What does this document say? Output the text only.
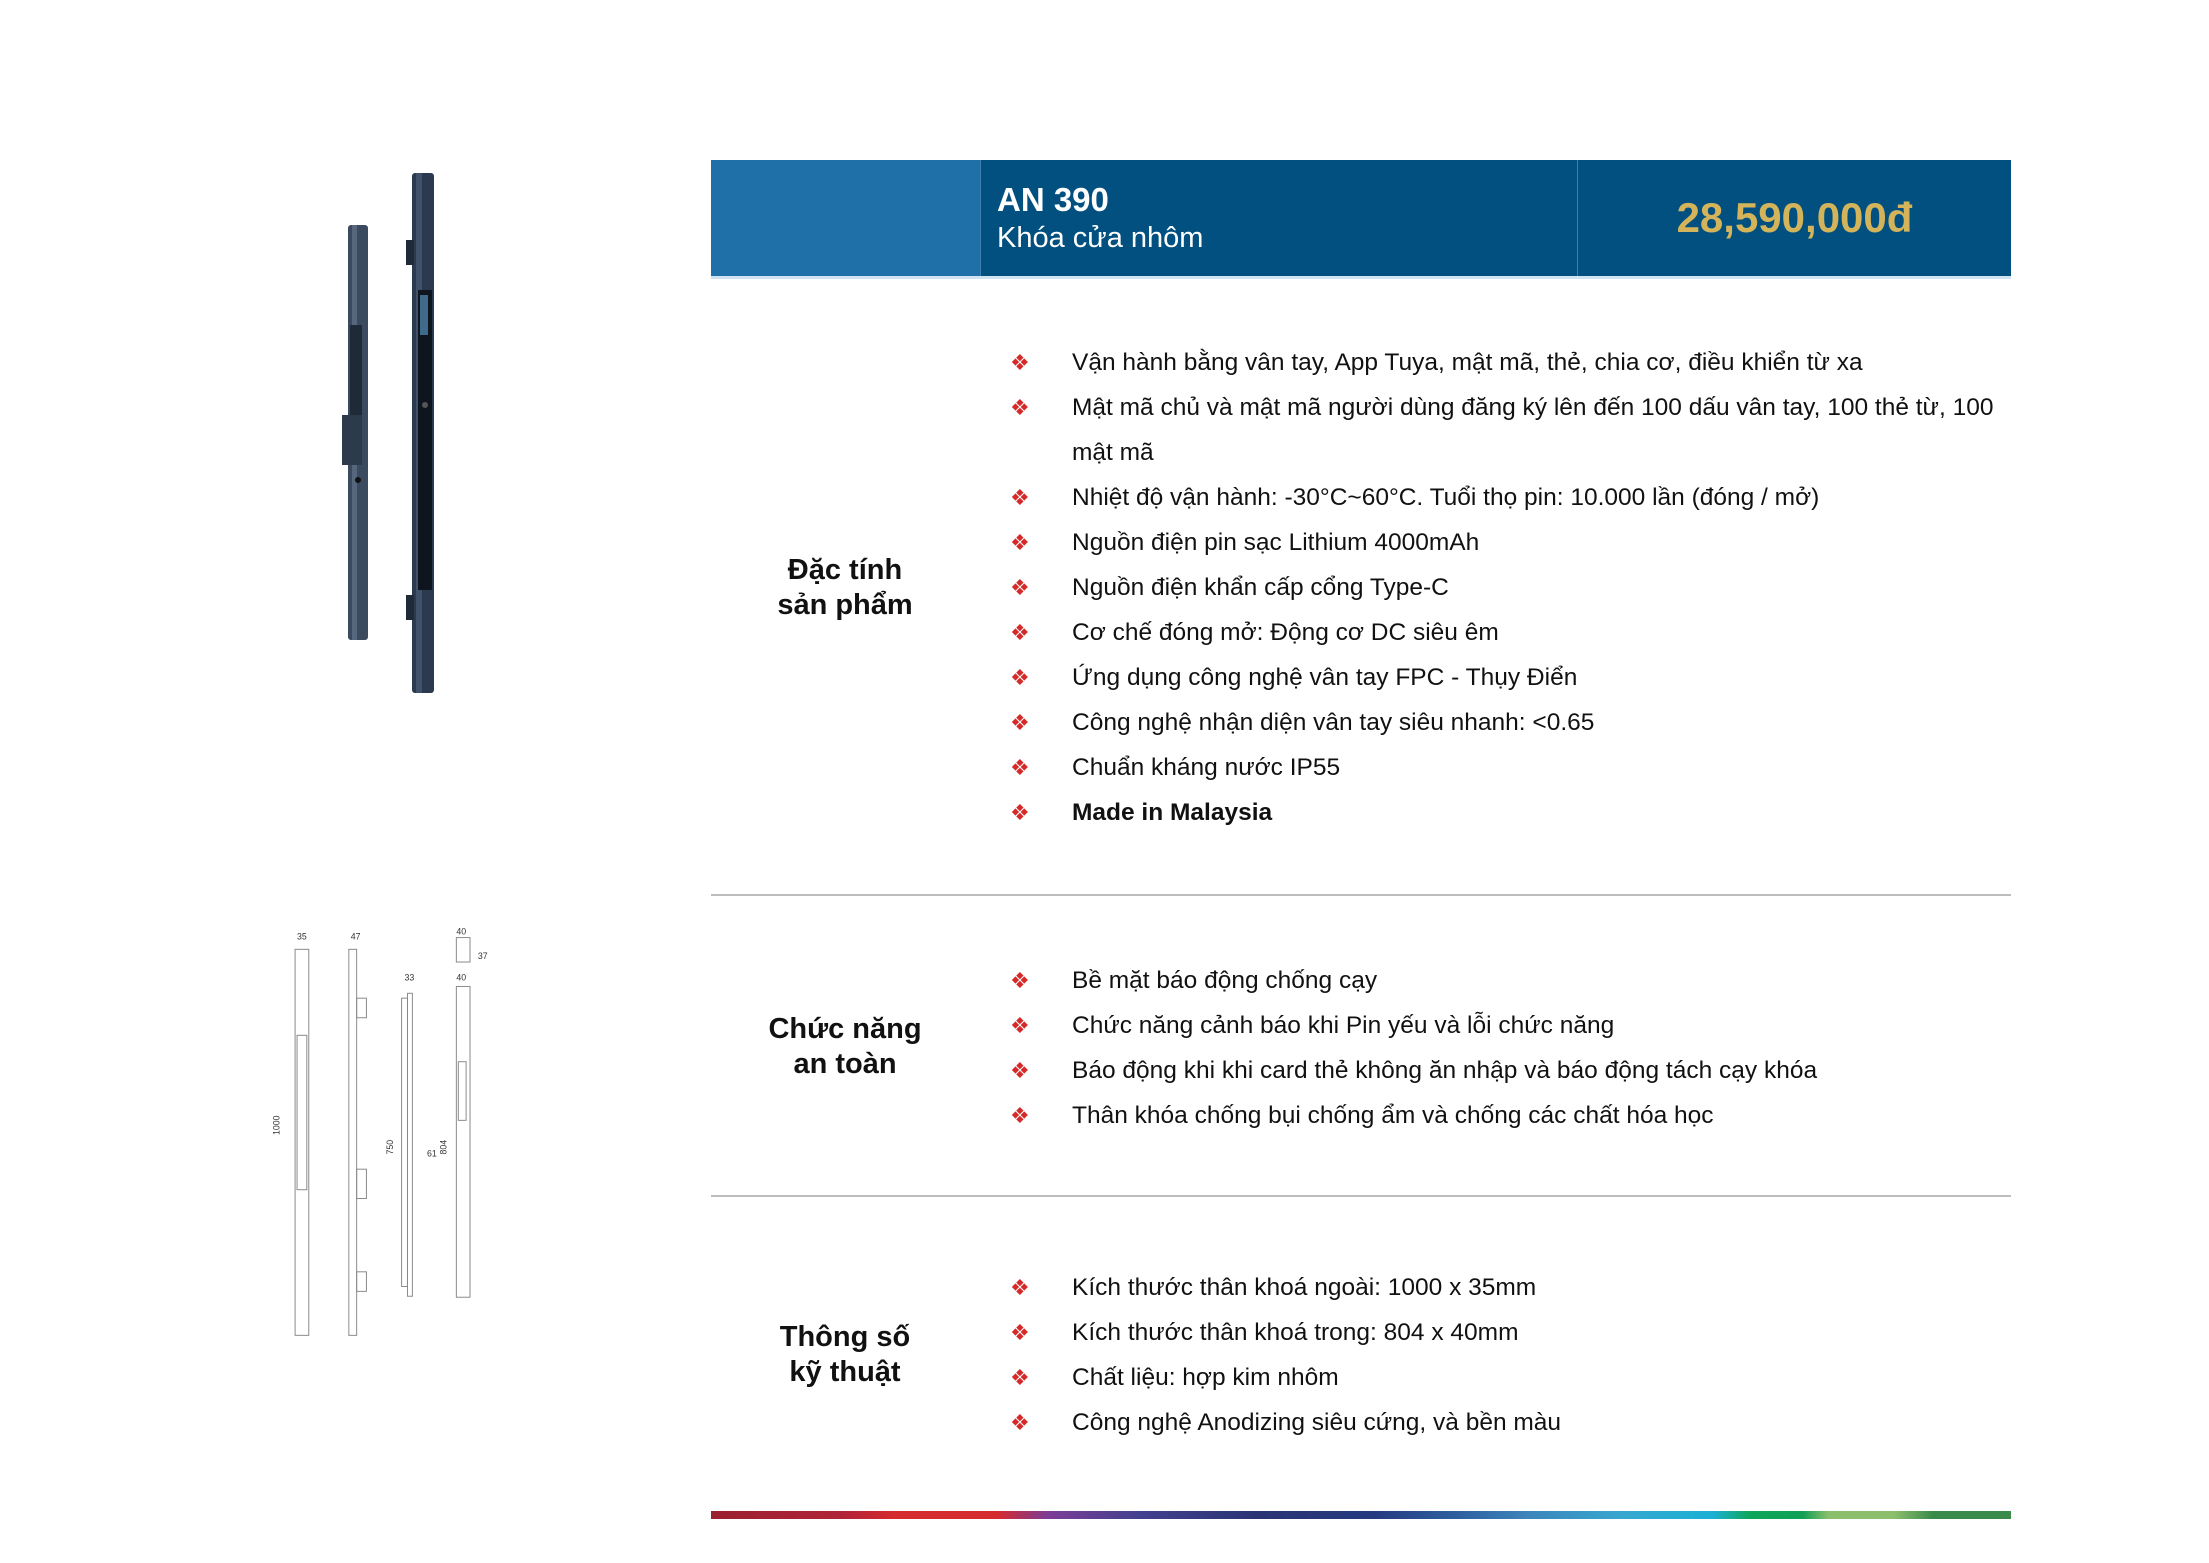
35	47
33
40
37
40
1000
750	61 804
AN 390
Khóa cửa nhôm	28,590,000đ
Đặc tính
sản phẩm
❖ Vận hành bằng vân tay, App Tuya, mật mã, thẻ, chia cơ, điều khiển từ xa
❖ Mật mã chủ và mật mã người dùng đăng ký lên đến 100 dấu vân tay, 100 thẻ từ, 100 mật mã
❖ Nhiệt độ vận hành: -30°C~60°C. Tuổi thọ pin: 10.000 lần (đóng / mở)
❖ Nguồn điện pin sạc Lithium 4000mAh
❖ Nguồn điện khẩn cấp cổng Type-C
❖ Cơ chế đóng mở: Động cơ DC siêu êm
❖ Ứng dụng công nghệ vân tay FPC - Thụy Điển
❖ Công nghệ nhận diện vân tay siêu nhanh: <0.65
❖ Chuẩn kháng nước IP55
❖ Made in Malaysia
Chức năng
an toàn
❖ Bề mặt báo động chống cạy
❖ Chức năng cảnh báo khi Pin yếu và lỗi chức năng
❖ Báo động khi khi card thẻ không ăn nhập và báo động tách cạy khóa
❖ Thân khóa chống bụi chống ẩm và chống các chất hóa học
Thông số
kỹ thuật
❖ Kích thước thân khoá ngoài: 1000 x 35mm
❖ Kích thước thân khoá trong: 804 x 40mm
❖ Chất liệu: hợp kim nhôm
❖ Công nghệ Anodizing siêu cứng, và bền màu
